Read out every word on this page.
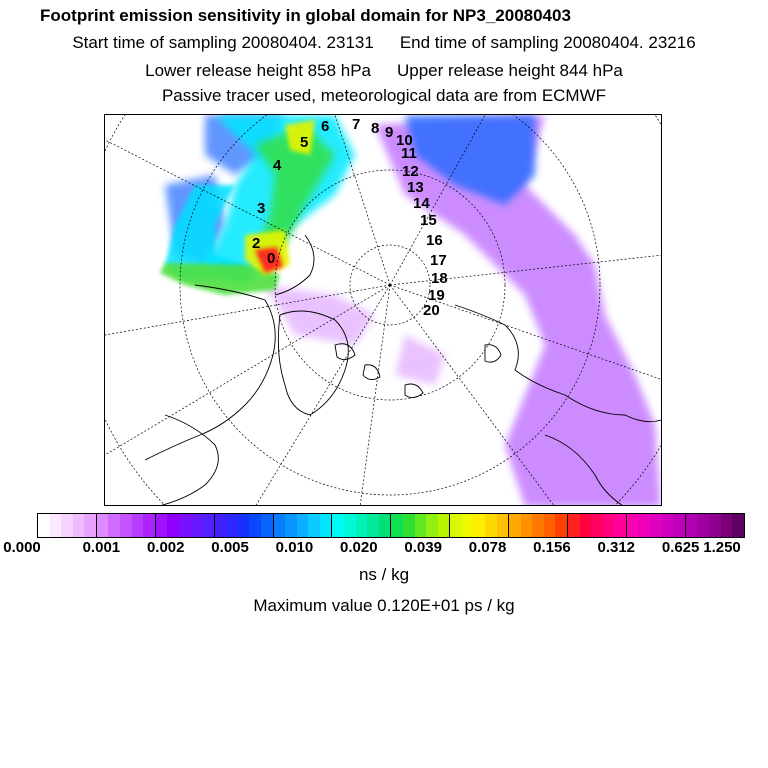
Footprint emission sensitivity in global domain for NP3_20080403
Start time of sampling 20080404. 23131 End time of sampling 20080404. 23216
Lower release height 858 hPa Upper release height 844 hPa
Passive tracer used, meteorological data are from ECMWF
6 7 8 9 10
11
12
13
14
15
16
17
18
19
20
5
4
3
2
0
0.000	0.001 0.002 0.005 0.010 0.020 0.039 0.078 0.156 0.312 0.625 1.250
ns / kg
Maximum value 0.120E+01 ps / kg
